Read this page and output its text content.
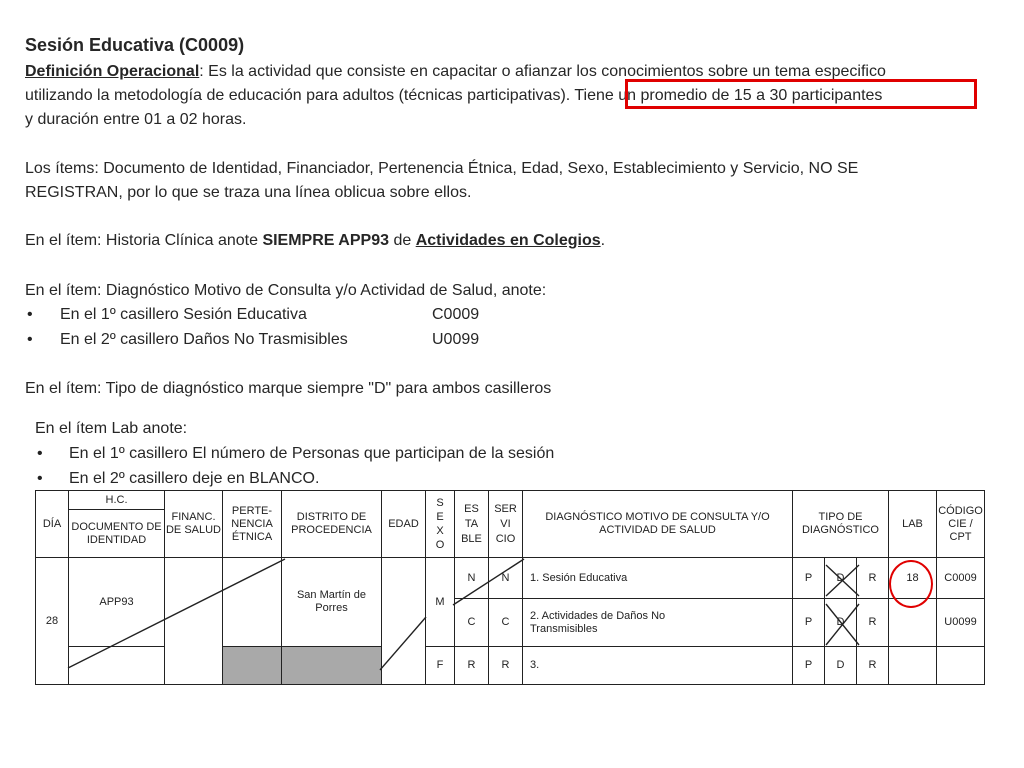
Sesión Educativa (C0009)
Definición Operacional: Es la actividad que consiste en capacitar o afianzar los conocimientos sobre un tema especifico
utilizando la metodología de educación para adultos (técnicas participativas). Tiene un promedio de 15 a 30 participantes
y duración entre 01 a 02 horas.
Los ítems: Documento de Identidad, Financiador, Pertenencia Étnica, Edad, Sexo, Establecimiento y Servicio, NO SE
REGISTRAN, por lo que se traza una línea oblicua sobre ellos.
En el ítem: Historia Clínica anote SIEMPRE APP93 de Actividades en Colegios.
En el ítem: Diagnóstico Motivo de Consulta y/o Actividad de Salud, anote:
• En el 1º casillero Sesión Educativa	C0009
• En el 2º casillero Daños No Trasmisibles	U0099
En el ítem: Tipo de diagnóstico marque siempre "D" para ambos casilleros
En el ítem Lab anote:
• En el 1º casillero El número de Personas que participan de la sesión
• En el 2º casillero deje en BLANCO.
DÍA	H.C.	FINANC. DE SALUD	PERTE- NENCIA ÉTNICA	DISTRITO DE PROCEDENCIA	EDAD	S E X O	ES TA BLE	SER VI CIO	DIAGNÓSTICO MOTIVO DE CONSULTA Y/O ACTIVIDAD DE SALUD	TIPO DE DIAGNÓSTICO			LAB	CÓDIGO CIE / CPT
	DOCUMENTO DE IDENTIDAD													
28	APP93			San Martín de Porres		M	N	N	1. Sesión Educativa	P	D	R	18	C0009
							C	C	2. Actividades de Daños No Transmisibles	P	D	R		U0099
						F	R	R	3.	P	D	R		
